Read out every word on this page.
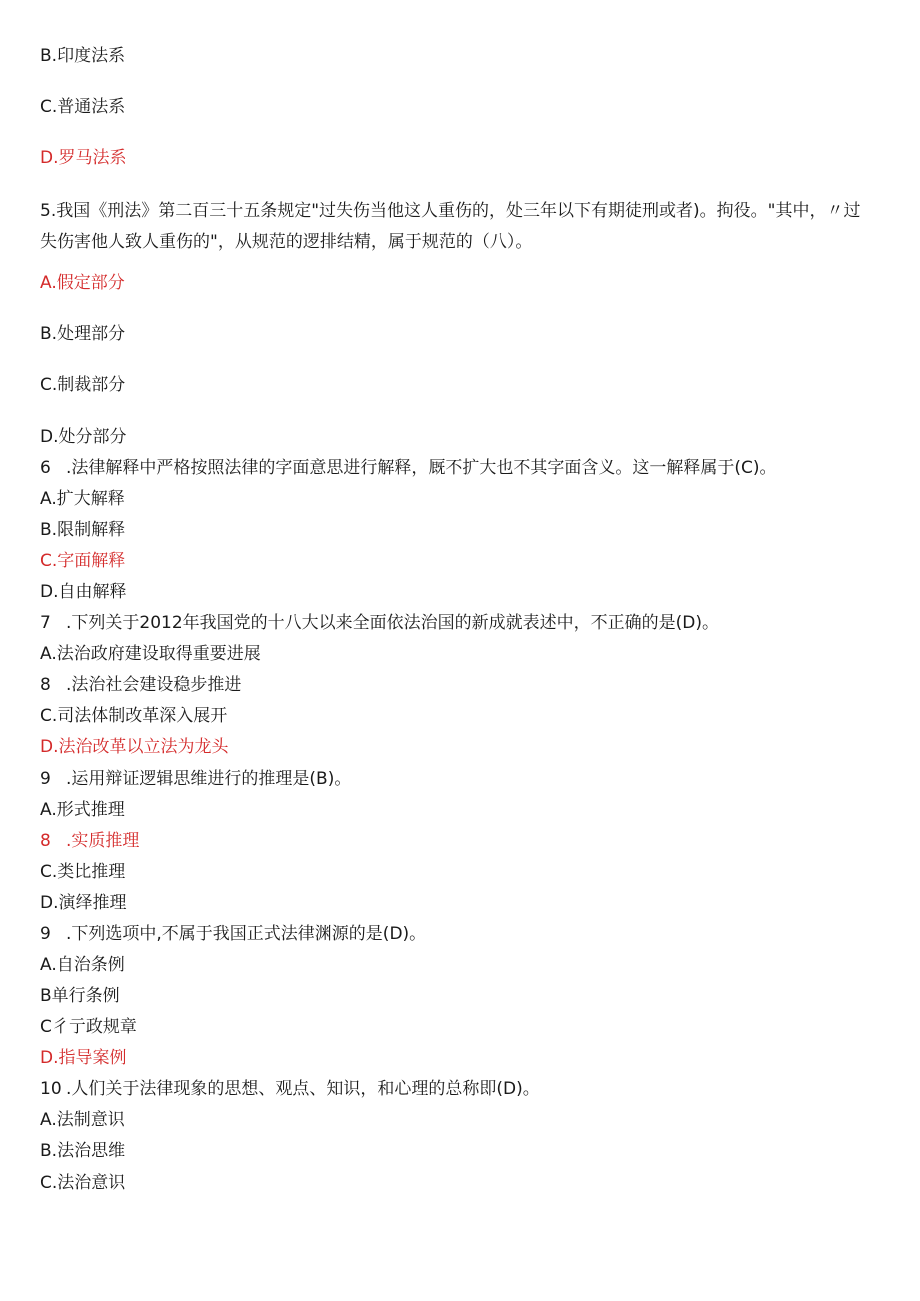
B.印度法系
C.普通法系
D.罗马法系
5.我国《刑法》第二百三十五条规定"过失伤当他这人重伤的，处三年以下有期徒刑或者)。拘役。"其中，〃过失伤害他人致人重伤的"，从规范的逻排结精，属于规范的（八）。
A.假定部分
B.处理部分
C.制裁部分
D.处分部分
6 .法律解释中严格按照法律的字面意思进行解释，厩不扩大也不其字面含义。这一解释属于(C)。
A.扩大解释
B.限制解释
C.字面解释
D.自由解释
7 .下列关于2012年我国党的十八大以来全面依法治国的新成就表述中，不正确的是(D)。
A.法治政府建设取得重要进展
8 .法治社会建设稳步推进
C.司法体制改革深入展开
D.法治改革以立法为龙头
9 .运用辩证逻辑思维进行的推理是(B)。
A.形式推理
8 .实质推理
C.类比推理
D.演绎推理
9 .下列选项中,不属于我国正式法律渊源的是(D)。
A.自治条例
B单行条例
C彳亍政规章
D.指导案例
10 .人们关于法律现象的思想、观点、知识，和心理的总称即(D)。
A.法制意识
B.法治思维
C.法治意识
